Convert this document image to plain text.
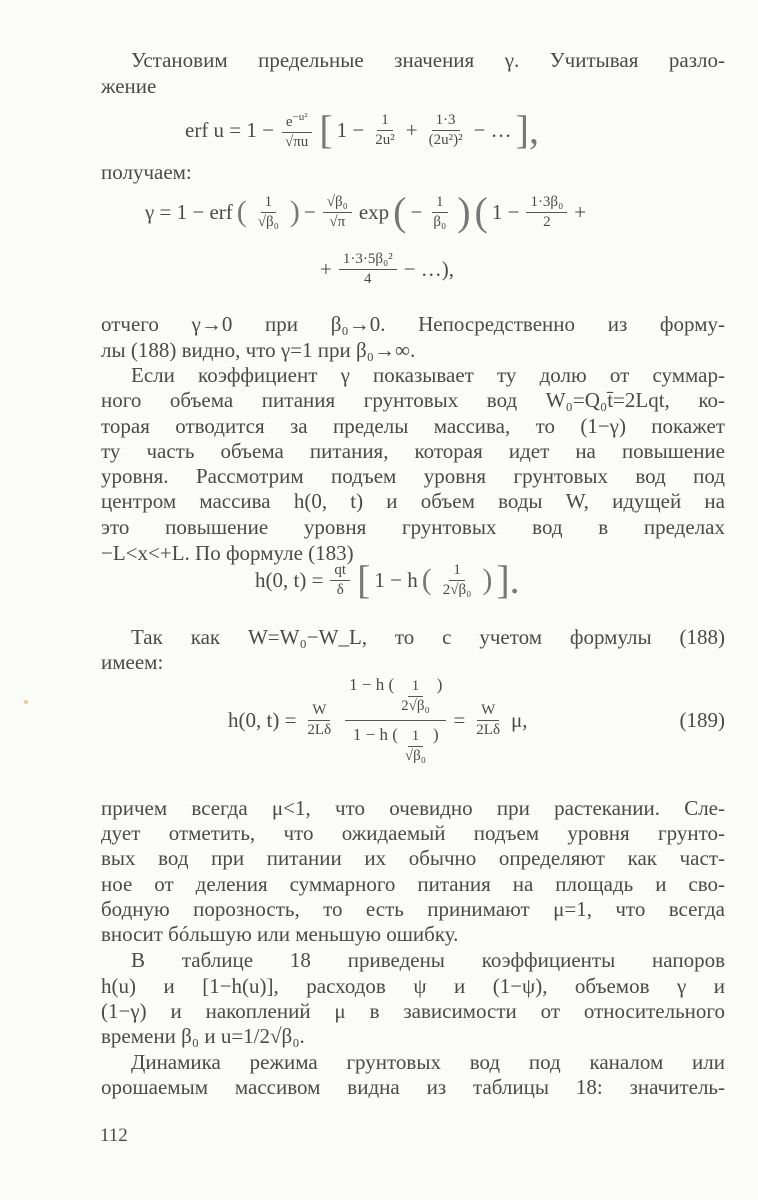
Установим предельные значения γ. Учитывая разло-
жение
erf $u = 1 - \frac{e^{-u^2}}{√\pi u}$ [ $1 - \frac{1}{\text{2u²}} + \frac{1\cdot 3}{\text{(2u²)²}}$ − … ],
получаем:
γ = 1 − erf ( $\frac{1}{\text{√β₀}}$ ) − $\frac{\text{√β₀}}{√\pi}$ exp ( − $\frac{1}{\text{β₀}}$ ) ( $1 - \frac{\text{1·3β₀}}{2}$ +
+ $\frac{\text{1·3·5β₀²}}{4}$ − …),
отчего γ→0 при β₀→0. Непосредственно из форму-
лы (188) видно, что γ=1 при β₀→∞.
Если коэффициент γ показывает ту долю от суммар-
ного объема питания грунтовых вод W₀=Q₀t̄=2Lqt, ко-
торая отводится за пределы массива, то (1−γ) покажет
ту часть объема питания, которая идет на повышение
уровня. Рассмотрим подъем уровня грунтовых вод под
центром массива h(0, t) и объем воды W, идущей на
это повышение уровня грунтовых вод в пределах
−L<x<+L. По формуле (183)
h(0, $t) = \frac{qt}{\delta}$ [ 1 − h ( $\frac{1}{\text{2√β₀}}$ ) ].
Так как W=W₀−W_L, то с учетом формулы (188)
имеем:
h(0, $t) = \frac{W}{2L\delta} \frac{1 - h ( \frac{1}{\text{2√β₀}} )}{1 - h ( \frac{1}{\text{√β₀}} )} = \frac{W}{2L\delta} \mu$,	(189)
причем всегда μ<1, что очевидно при растекании. Сле-
дует отметить, что ожидаемый подъем уровня грунто-
вых вод при питании их обычно определяют как част-
ное от деления суммарного питания на площадь и сво-
бодную порозность, то есть принимают μ=1, что всегда
вносит бóльшую или меньшую ошибку.
В таблице 18 приведены коэффициенты напоров
h(u) и [1−h(u)], расходов ψ и (1−ψ), объемов γ и
(1−γ) и накоплений μ в зависимости от относительного
времени β₀ и u=1/2√β₀.
Динамика режима грунтовых вод под каналом или
орошаемым массивом видна из таблицы 18: значитель-
112
